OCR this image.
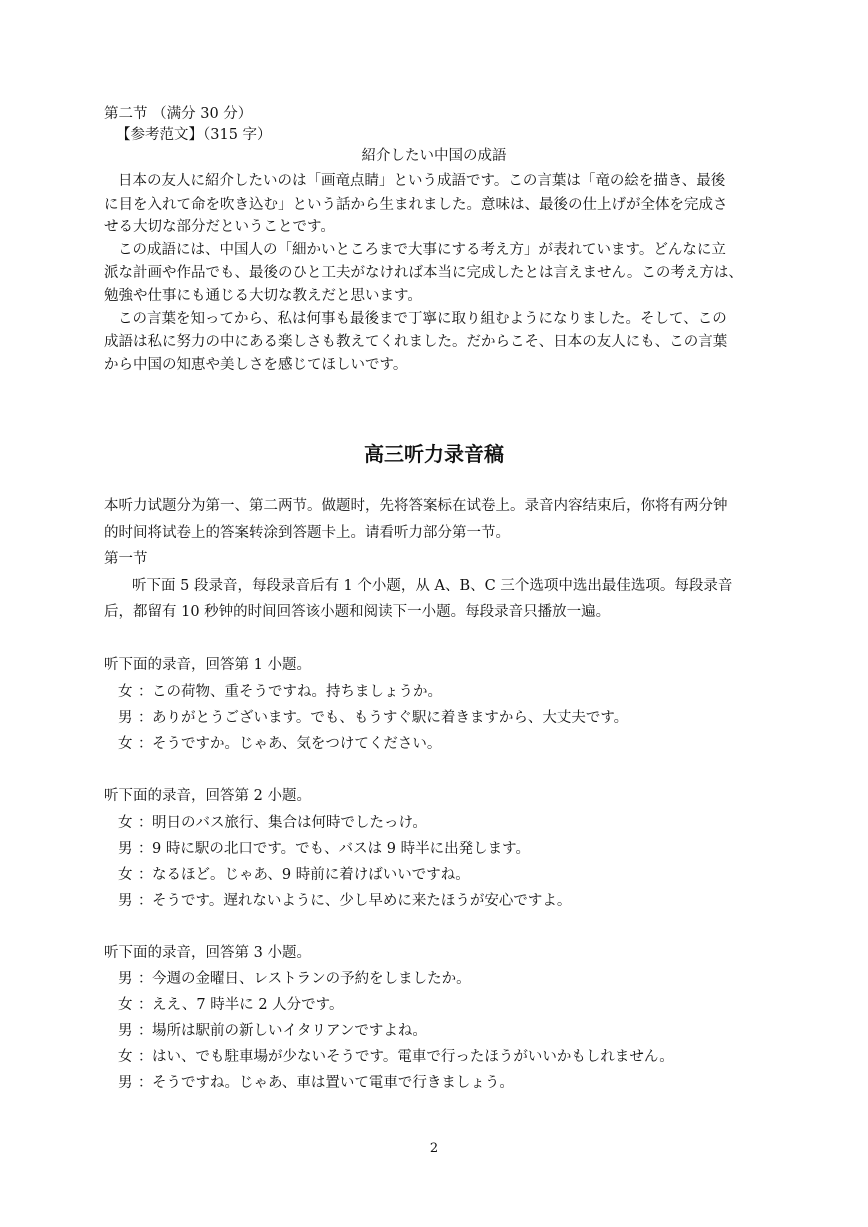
第二节 （满分 30 分）
【参考范文】（315 字）
紹介したい中国の成語
日本の友人に紹介したいのは「画竜点睛」という成語です。この言葉は「竜の絵を描き、最後
に目を入れて命を吹き込む」という話から生まれました。意味は、最後の仕上げが全体を完成さ
せる大切な部分だということです。
この成語には、中国人の「細かいところまで大事にする考え方」が表れています。どんなに立
派な計画や作品でも、最後のひと工夫がなければ本当に完成したとは言えません。この考え方は、
勉強や仕事にも通じる大切な教えだと思います。
この言葉を知ってから、私は何事も最後まで丁寧に取り組むようになりました。そして、この
成語は私に努力の中にある楽しさも教えてくれました。だからこそ、日本の友人にも、この言葉
から中国の知恵や美しさを感じてほしいです。
高三听力录音稿
本听力试题分为第一、第二两节。做题时，先将答案标在试卷上。录音内容结束后，你将有两分钟
的时间将试卷上的答案转涂到答题卡上。请看听力部分第一节。
第一节
听下面 5 段录音，每段录音后有 1 个小题，从 A、B、C 三个选项中选出最佳选项。每段录音
后，都留有 10 秒钟的时间回答该小题和阅读下一小题。每段录音只播放一遍。
听下面的录音，回答第 1 小题。
女 ：この荷物、重そうですね。持ちましょうか。
男 ：ありがとうございます。でも、もうすぐ駅に着きますから、大丈夫です。
女 ：そうですか。じゃあ、気をつけてください。
听下面的录音，回答第 2 小题。
女 ：明日のバス旅行、集合は何時でしたっけ。
男 ：9 時に駅の北口です。でも、バスは 9 時半に出発します。
女 ：なるほど。じゃあ、9 時前に着けばいいですね。
男 ：そうです。遅れないように、少し早めに来たほうが安心ですよ。
听下面的录音，回答第 3 小题。
男 ：今週の金曜日、レストランの予約をしましたか。
女 ：ええ、7 時半に 2 人分です。
男 ：場所は駅前の新しいイタリアンですよね。
女 ：はい、でも駐車場が少ないそうです。電車で行ったほうがいいかもしれません。
男 ：そうですね。じゃあ、車は置いて電車で行きましょう。
2
